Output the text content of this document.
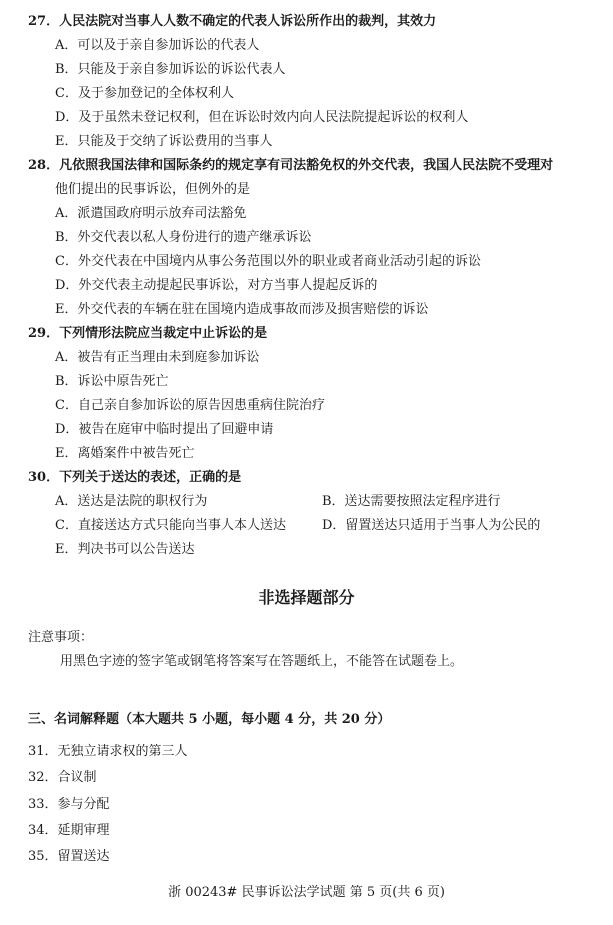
27．人民法院对当事人人数不确定的代表人诉讼所作出的裁判，其效力
A．可以及于亲自参加诉讼的代表人
B．只能及于亲自参加诉讼的诉讼代表人
C．及于参加登记的全体权利人
D．及于虽然未登记权利，但在诉讼时效内向人民法院提起诉讼的权利人
E．只能及于交纳了诉讼费用的当事人
28．凡依照我国法律和国际条约的规定享有司法豁免权的外交代表，我国人民法院不受理对
他们提出的民事诉讼，但例外的是
A．派遣国政府明示放弃司法豁免
B．外交代表以私人身份进行的遗产继承诉讼
C．外交代表在中国境内从事公务范围以外的职业或者商业活动引起的诉讼
D．外交代表主动提起民事诉讼，对方当事人提起反诉的
E．外交代表的车辆在驻在国境内造成事故而涉及损害赔偿的诉讼
29．下列情形法院应当裁定中止诉讼的是
A．被告有正当理由未到庭参加诉讼
B．诉讼中原告死亡
C．自己亲自参加诉讼的原告因患重病住院治疗
D．被告在庭审中临时提出了回避申请
E．离婚案件中被告死亡
30．下列关于送达的表述，正确的是
A．送达是法院的职权行为	B．送达需要按照法定程序进行
C．直接送达方式只能向当事人本人送达	D．留置送达只适用于当事人为公民的
E．判决书可以公告送达
非选择题部分
注意事项：
用黑色字迹的签字笔或钢笔将答案写在答题纸上，不能答在试题卷上。
三、名词解释题（本大题共 5 小题，每小题 4 分，共 20 分）
31．无独立请求权的第三人
32．合议制
33．参与分配
34．延期审理
35．留置送达
浙 00243# 民事诉讼法学试题 第 5 页(共 6 页)
